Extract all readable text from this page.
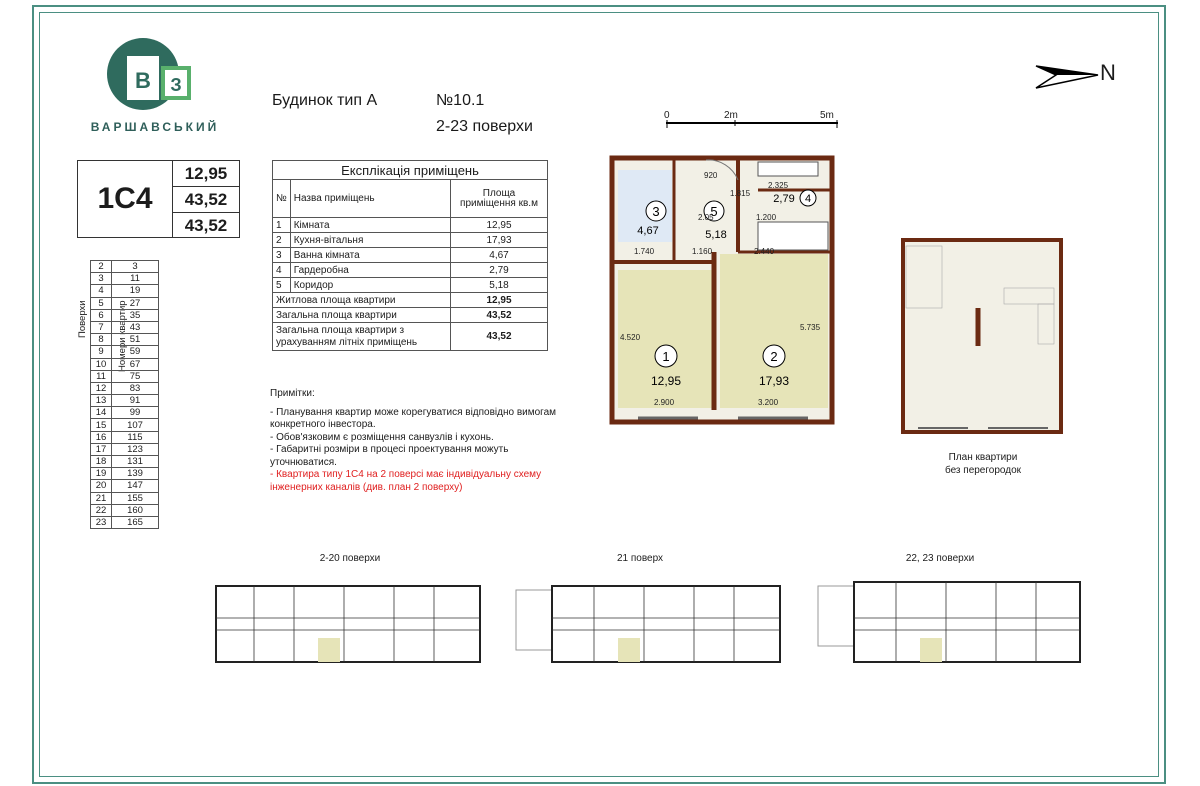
В З
ВАРШАВСЬКИЙ
Будинок тип А	№10.1
2-23 поверхи
0	2m	5m
N
1С4
12,95
43,52
43,52
Експлікація приміщень		
№	Назва приміщень	Площа приміщення кв.м
1	Кімната	12,95
2	Кухня-вітальня	17,93
3	Ванна кімната	4,67
4	Гардеробна	2,79
5	Коридор	5,18
Житлова площа квартири		12,95
Загальна площа квартири		43,52
Загальна площа квартири з урахуванням літніх приміщень		43,52
Поверхи	Номери квартир
2	3
3	11
4	19
5	27
6	35
7	43
8	51
9	59
10	67
11	75
12	83
13	91
14	99
15	107
16	115
17	123
18	131
19	139
20	147
21	155
22	160
23	165
Примітки:
- Планування квартир може корегуватися відповідно вимогам конкретного інвестора.
- Обов'язковим є розміщення санвузлів і кухонь.
- Габаритні розміри в процесі проектування можуть уточнюватися.
- Квартира типу 1С4 на 2 поверсі має індивідуальну схему інженерних каналів (див. план 2 поверху)
1
12,95
2
17,93
3
4,67
4
2,79
5
5,18
920
1.815
2.325
1.200
2.05
1.740	1.160	2.440
4.520
5.735
2.900	3.200
План квартири
без перегородок
2-20 поверхи	21 поверх	22, 23 поверхи
